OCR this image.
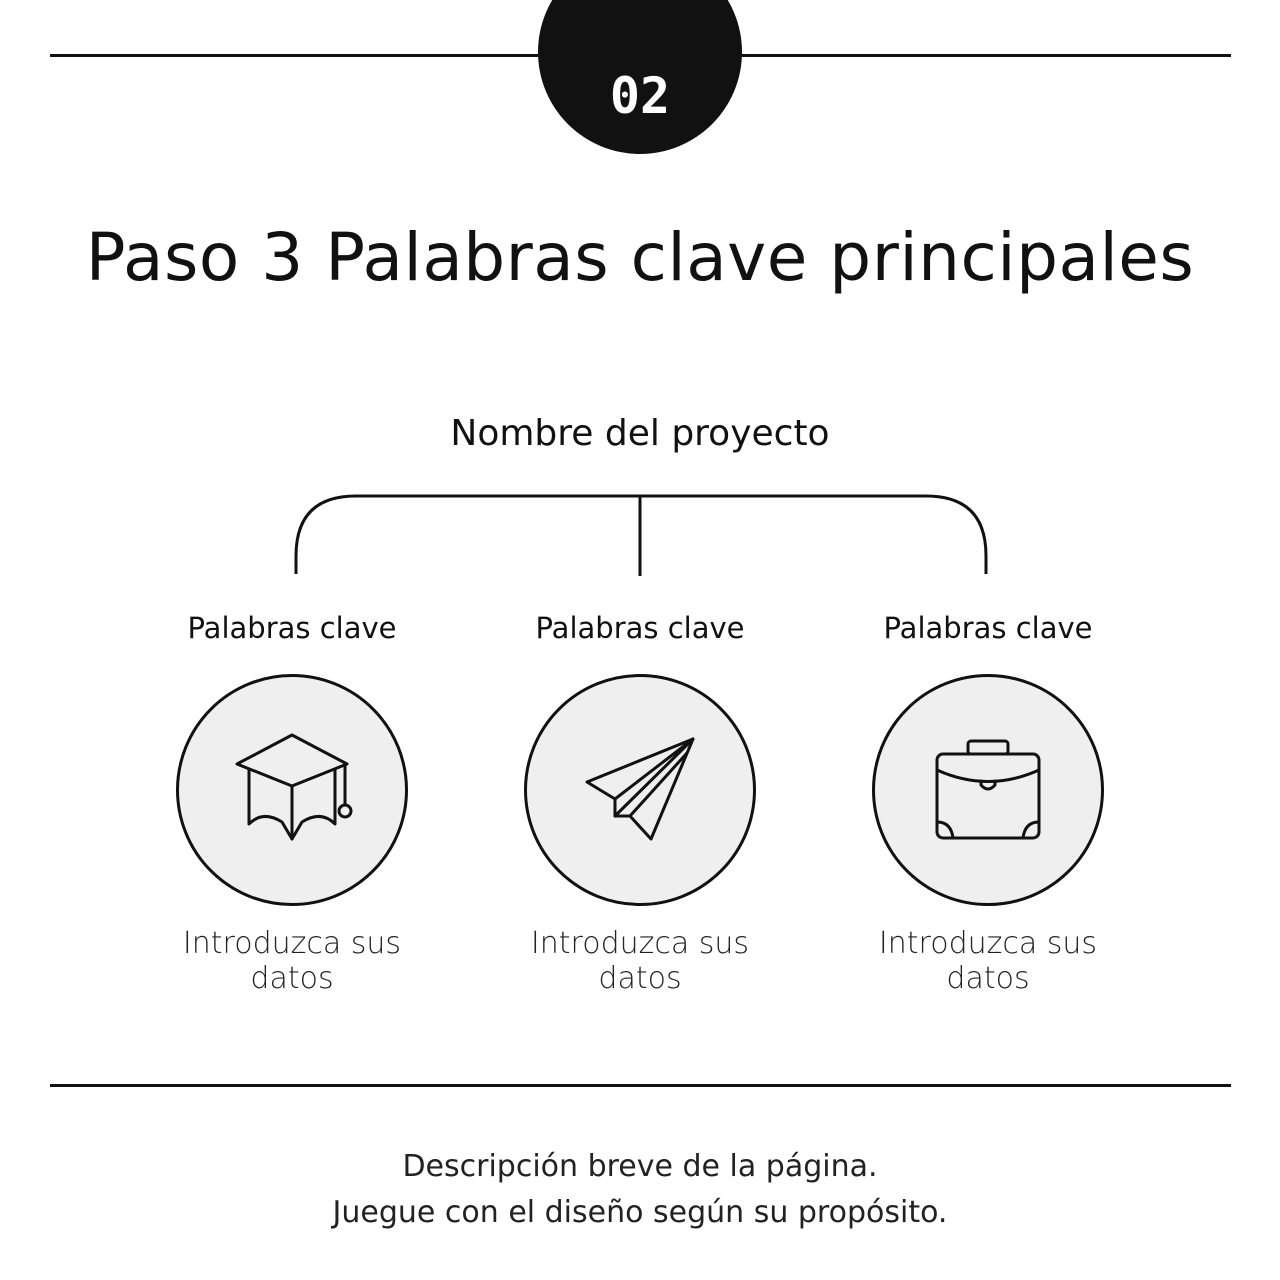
02
Paso 3 Palabras clave principales
Nombre del proyecto
Palabras clave
Introduzca sus datos
Palabras clave
Introduzca sus datos
Palabras clave
Introduzca sus datos
Descripción breve de la página.
Juegue con el diseño según su propósito.
